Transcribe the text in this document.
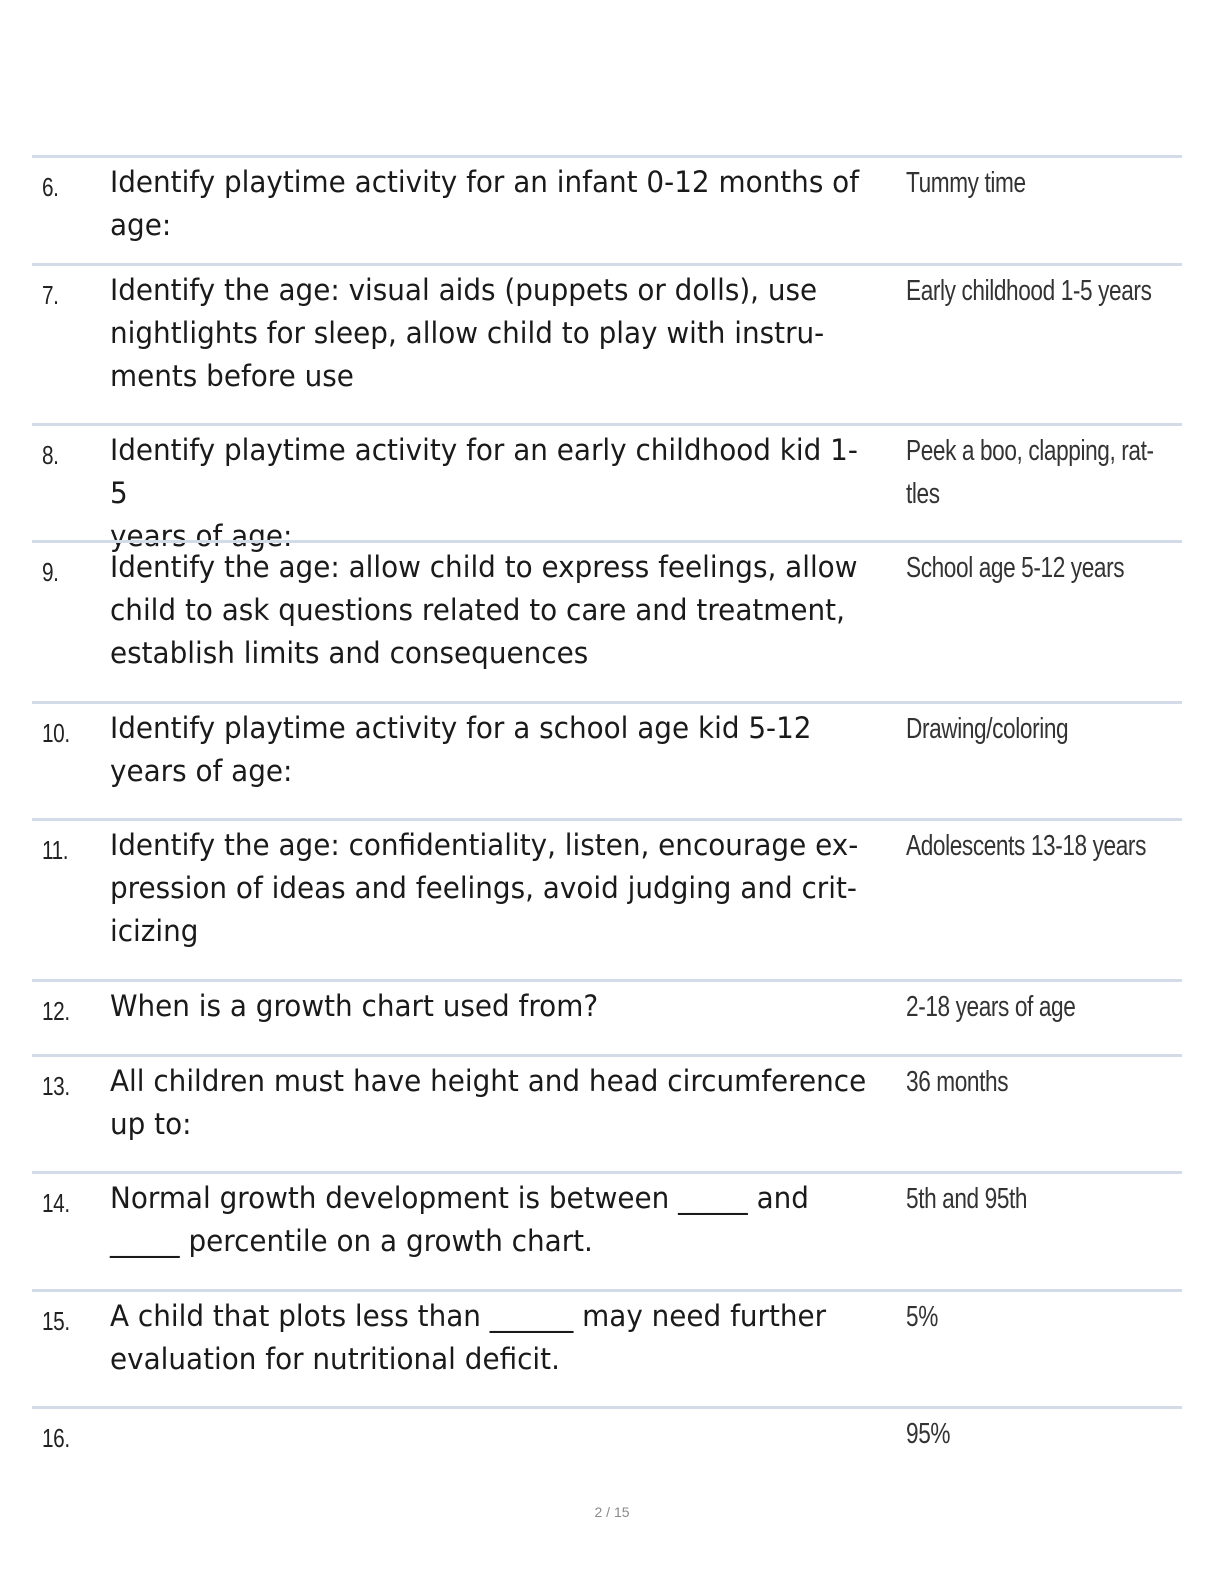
6. Identify playtime activity for an infant 0-12 months of
age:
Tummy time
7. Identify the age: visual aids (puppets or dolls), use
nightlights for sleep, allow child to play with instru-
ments before use
Early childhood 1-5 years
8. Identify playtime activity for an early childhood kid 1-5
years of age:
Peek a boo, clapping, rat-
tles
9. Identify the age: allow child to express feelings, allow
child to ask questions related to care and treatment,
establish limits and consequences
School age 5-12 years
10. Identify playtime activity for a school age kid 5-12
years of age:
Drawing/coloring
11. Identify the age: confidentiality, listen, encourage ex-
pression of ideas and feelings, avoid judging and crit-
icizing
Adolescents 13-18 years
12. When is a growth chart used from?	2-18 years of age
13. All children must have height and head circumference
up to:
36 months
14. Normal growth development is between _____ and
_____ percentile on a growth chart.
5th and 95th
15. A child that plots less than ______ may need further
evaluation for nutritional deficit.
5%
16.	95%
2 / 15
